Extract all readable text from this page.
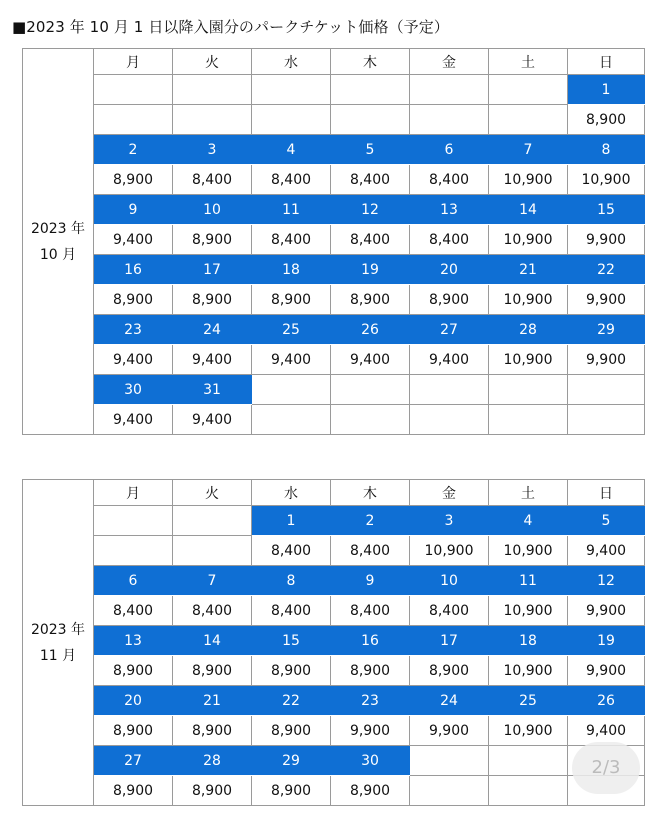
■2023 年 10 月 1 日以降入園分のパークチケット価格（予定）
2023 年
10 月	月	火	水	木	金	土	日
							1
							8,900
	2	3	4	5	6	7	8
	8,900	8,400	8,400	8,400	8,400	10,900	10,900
	9	10	11	12	13	14	15
	9,400	8,900	8,400	8,400	8,400	10,900	9,900
	16	17	18	19	20	21	22
	8,900	8,900	8,900	8,900	8,900	10,900	9,900
	23	24	25	26	27	28	29
	9,400	9,400	9,400	9,400	9,400	10,900	9,900
	30	31					
	9,400	9,400					
2023 年
11 月	月	火	水	木	金	土	日
			1	2	3	4	5
			8,400	8,400	10,900	10,900	9,400
	6	7	8	9	10	11	12
	8,400	8,400	8,400	8,400	8,400	10,900	9,900
	13	14	15	16	17	18	19
	8,900	8,900	8,900	8,900	8,900	10,900	9,900
	20	21	22	23	24	25	26
	8,900	8,900	8,900	9,900	9,900	10,900	9,400
	27	28	29	30			
	8,900	8,900	8,900	8,900			
2/3
